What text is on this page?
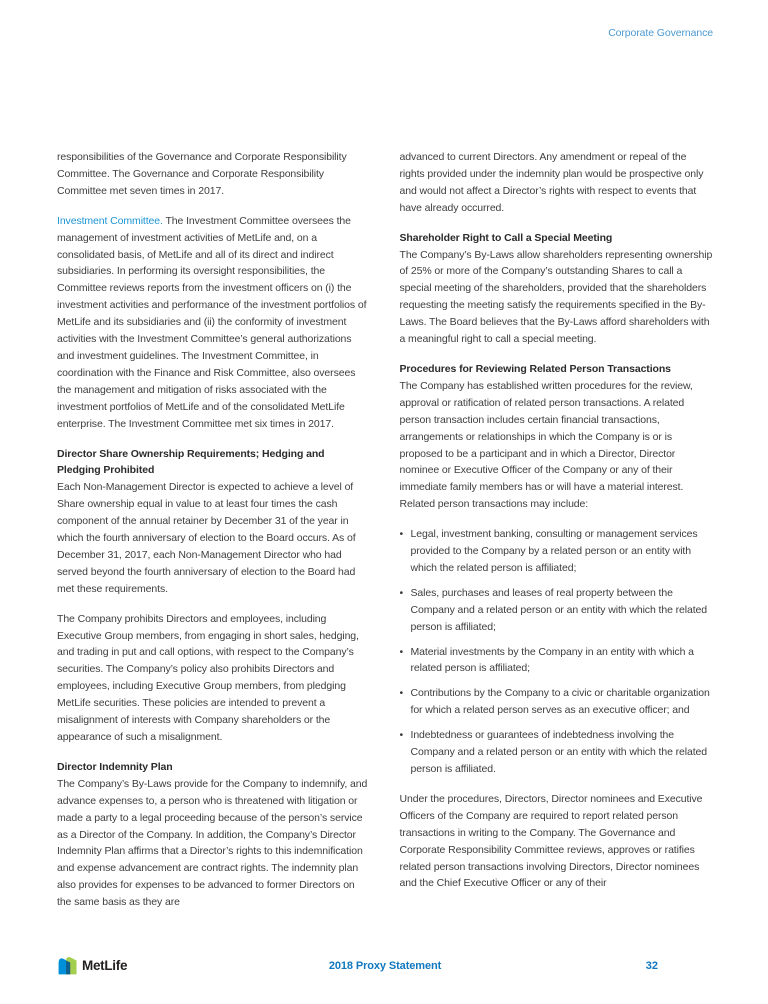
Corporate Governance
responsibilities of the Governance and Corporate Responsibility Committee. The Governance and Corporate Responsibility Committee met seven times in 2017.
Investment Committee. The Investment Committee oversees the management of investment activities of MetLife and, on a consolidated basis, of MetLife and all of its direct and indirect subsidiaries. In performing its oversight responsibilities, the Committee reviews reports from the investment officers on (i) the investment activities and performance of the investment portfolios of MetLife and its subsidiaries and (ii) the conformity of investment activities with the Investment Committee’s general authorizations and investment guidelines. The Investment Committee, in coordination with the Finance and Risk Committee, also oversees the management and mitigation of risks associated with the investment portfolios of MetLife and of the consolidated MetLife enterprise. The Investment Committee met six times in 2017.
Director Share Ownership Requirements; Hedging and Pledging Prohibited
Each Non-Management Director is expected to achieve a level of Share ownership equal in value to at least four times the cash component of the annual retainer by December 31 of the year in which the fourth anniversary of election to the Board occurs. As of December 31, 2017, each Non-Management Director who had served beyond the fourth anniversary of election to the Board had met these requirements.
The Company prohibits Directors and employees, including Executive Group members, from engaging in short sales, hedging, and trading in put and call options, with respect to the Company’s securities. The Company’s policy also prohibits Directors and employees, including Executive Group members, from pledging MetLife securities. These policies are intended to prevent a misalignment of interests with Company shareholders or the appearance of such a misalignment.
Director Indemnity Plan
The Company’s By-Laws provide for the Company to indemnify, and advance expenses to, a person who is threatened with litigation or made a party to a legal proceeding because of the person’s service as a Director of the Company. In addition, the Company’s Director Indemnity Plan affirms that a Director’s rights to this indemnification and expense advancement are contract rights. The indemnity plan also provides for expenses to be advanced to former Directors on the same basis as they are
advanced to current Directors. Any amendment or repeal of the rights provided under the indemnity plan would be prospective only and would not affect a Director’s rights with respect to events that have already occurred.
Shareholder Right to Call a Special Meeting
The Company’s By-Laws allow shareholders representing ownership of 25% or more of the Company’s outstanding Shares to call a special meeting of the shareholders, provided that the shareholders requesting the meeting satisfy the requirements specified in the By-Laws. The Board believes that the By-Laws afford shareholders with a meaningful right to call a special meeting.
Procedures for Reviewing Related Person Transactions
The Company has established written procedures for the review, approval or ratification of related person transactions. A related person transaction includes certain financial transactions, arrangements or relationships in which the Company is or is proposed to be a participant and in which a Director, Director nominee or Executive Officer of the Company or any of their immediate family members has or will have a material interest. Related person transactions may include:
• Legal, investment banking, consulting or management services provided to the Company by a related person or an entity with which the related person is affiliated;
• Sales, purchases and leases of real property between the Company and a related person or an entity with which the related person is affiliated;
• Material investments by the Company in an entity with which a related person is affiliated;
• Contributions by the Company to a civic or charitable organization for which a related person serves as an executive officer; and
• Indebtedness or guarantees of indebtedness involving the Company and a related person or an entity with which the related person is affiliated.
Under the procedures, Directors, Director nominees and Executive Officers of the Company are required to report related person transactions in writing to the Company. The Governance and Corporate Responsibility Committee reviews, approves or ratifies related person transactions involving Directors, Director nominees and the Chief Executive Officer or any of their
MetLife	2018 Proxy Statement	32
